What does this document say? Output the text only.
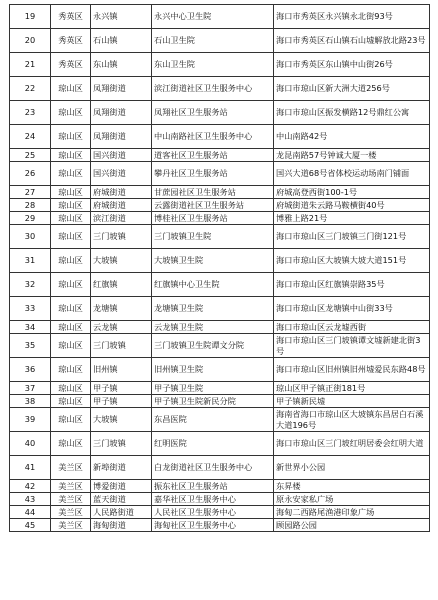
19	秀英区	永兴镇	永兴中心卫生院	海口市秀英区永兴镇永北街93号
20	秀英区	石山镇	石山卫生院	海口市秀英区石山镇石山墟解放北路23号
21	秀英区	东山镇	东山卫生院	海口市秀英区东山镇中山街26号
22	琼山区	凤翔街道	滨江街道社区卫生服务中心	海口市琼山区新大洲大道256号
23	琼山区	凤翔街道	凤翔社区卫生服务站	海口市琼山区振发横路12号鼎红公寓
24	琼山区	凤翔街道	中山南路社区卫生服务中心	中山南路42号
25	琼山区	国兴街道	道客社区卫生服务站	龙昆南路57号钟诚大厦一楼
26	琼山区	国兴街道	攀丹社区卫生服务站	国兴大道68号省体校运动场南门铺面
27	琼山区	府城街道	甘蔗园社区卫生服务站	府城高登西街100-1号
28	琼山区	府城街道	云露街道社区卫生服务站	府城街道朱云路马鞍横街40号
29	琼山区	滨江街道	博桂社区卫生服务站	博雅上路21号
30	琼山区	三门坡镇	三门坡镇卫生院	海口市琼山区三门坡镇三门街121号
31	琼山区	大坡镇	大坡镇卫生院	海口市琼山区大坡镇大坡大道151号
32	琼山区	红旗镇	红旗镇中心卫生院	海口市琼山区红旗镇崇路35号
33	琼山区	龙塘镇	龙塘镇卫生院	海口市琼山区龙塘镇中山街33号
34	琼山区	云龙镇	云龙镇卫生院	海口市琼山区云龙墟西街
35	琼山区	三门坡镇	三门坡镇卫生院谭文分院	海口市琼山区三门坡镇谭文墟新建北街3号
36	琼山区	旧州镇	旧州镇卫生院	海口市琼山区旧州镇旧州墟爱民东路48号
37	琼山区	甲子镇	甲子镇卫生院	琼山区甲子镇正街181号
38	琼山区	甲子镇	甲子镇卫生院新民分院	甲子镇新民墟
39	琼山区	大坡镇	东昌医院	海南省海口市琼山区大坡镇东昌居白石溪大道196号
40	琼山区	三门坡镇	红明医院	海口市琼山区三门坡红明居委会红明大道
41	美兰区	新埠街道	白龙街道社区卫生服务中心	新世界小公园
42	美兰区	博爱街道	振东社区卫生服务站	东昇楼
43	美兰区	蓝天街道	嘉华社区卫生服务中心	原永安家私广场
44	美兰区	人民路街道	人民社区卫生服务中心	海甸二西路尾渔港印象广场
45	美兰区	海甸街道	海甸社区卫生服务中心	顾园路公园
